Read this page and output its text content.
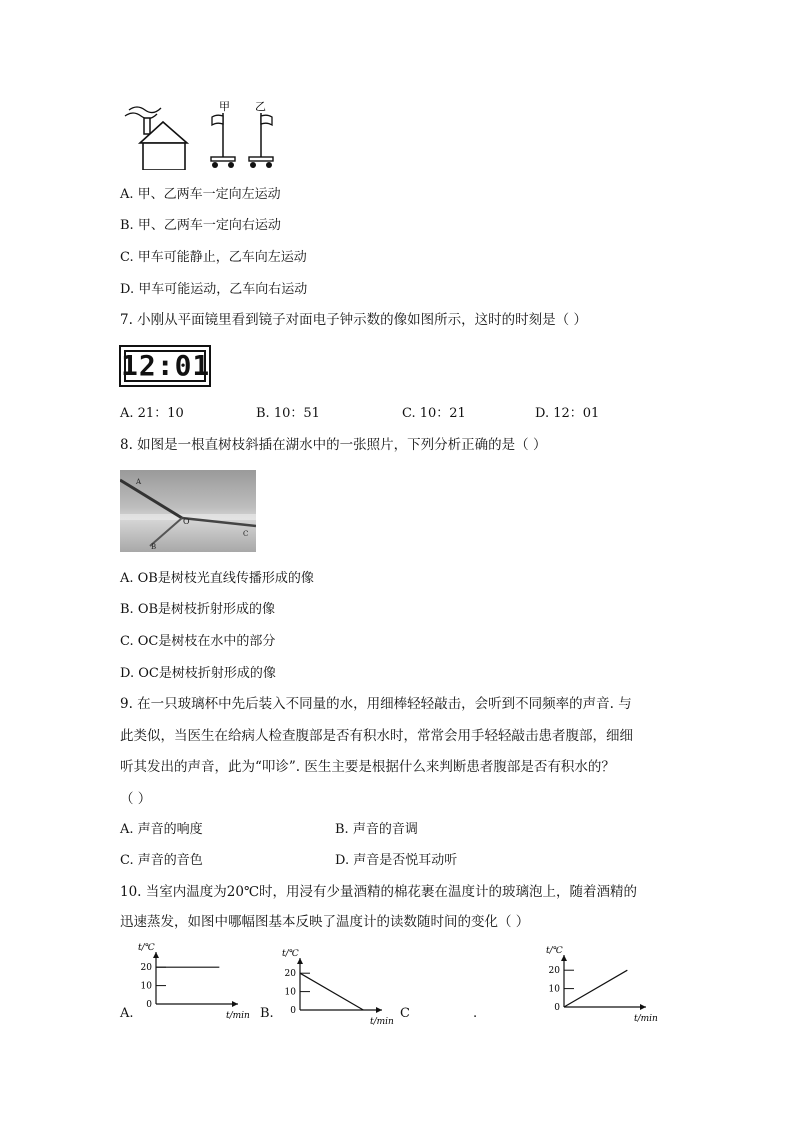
甲 乙
A. 甲、乙两车一定向左运动
B. 甲、乙两车一定向右运动
C. 甲车可能静止，乙车向左运动
D. 甲车可能运动，乙车向右运动
7. 小刚从平面镜里看到镜子对面电子钟示数的像如图所示，这时的时刻是（ ）
12:01
A. 21：10	B. 10：51	C. 10：21	D. 12：01
8. 如图是一根直树枝斜插在湖水中的一张照片，下列分析正确的是（ ）
A
O
B
C
A. OB是树枝光直线传播形成的像
B. OB是树枝折射形成的像
C. OC是树枝在水中的部分
D. OC是树枝折射形成的像
9. 在一只玻璃杯中先后装入不同量的水，用细棒轻轻敲击，会听到不同频率的声音. 与
此类似，当医生在给病人检查腹部是否有积水时，常常会用手轻轻敲击患者腹部，细细
听其发出的声音，此为“叩诊”. 医生主要是根据什么来判断患者腹部是否有积水的？
（ ）
A. 声音的响度	B. 声音的音调
C. 声音的音色	D. 声音是否悦耳动听
10. 当室内温度为20℃时，用浸有少量酒精的棉花裹在温度计的玻璃泡上，随着酒精的
迅速蒸发，如图中哪幅图基本反映了温度计的读数随时间的变化（ ）
t/℃
t/min
20
10
0
t/℃
t/min
20
10
0
t/℃
t/min
20
10
0
A.	B.	C	.
